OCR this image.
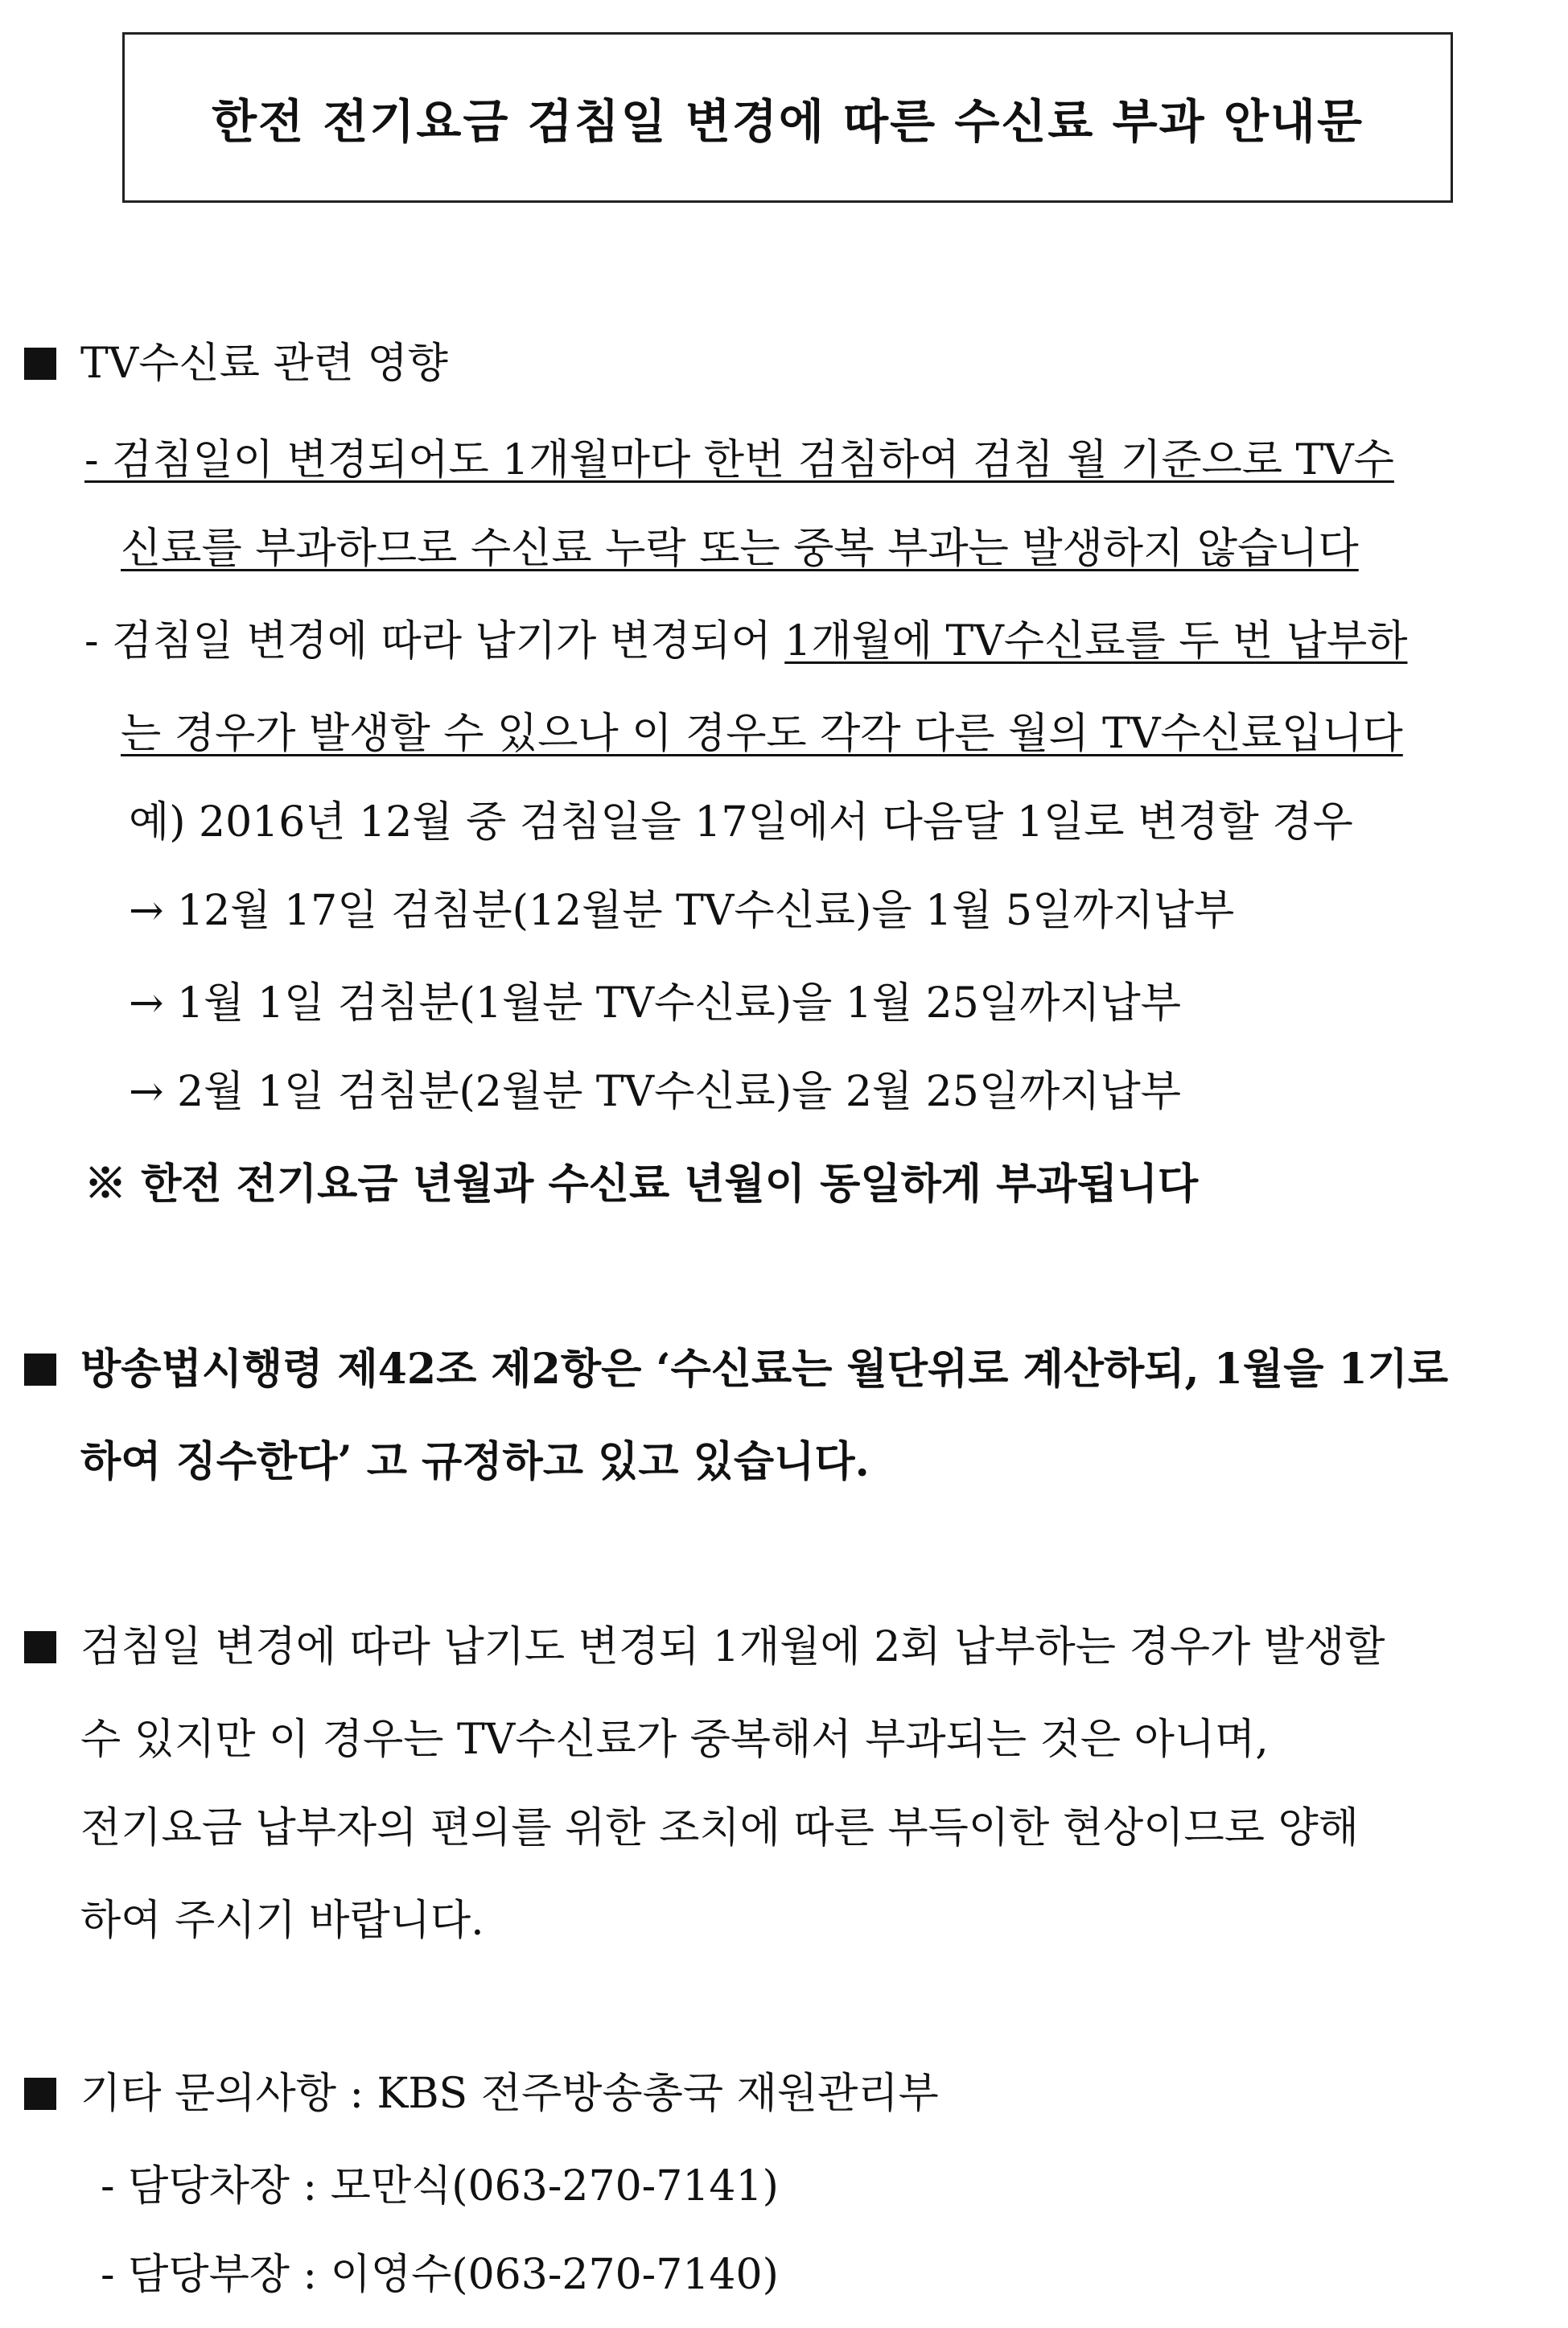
한전 전기요금 검침일 변경에 따른 수신료 부과 안내문
TV수신료 관련 영향
- 검침일이 변경되어도 1개월마다 한번 검침하여 검침 월 기준으로 TV수
신료를 부과하므로 수신료 누락 또는 중복 부과는 발생하지 않습니다
- 검침일 변경에 따라 납기가 변경되어 1개월에 TV수신료를 두 번 납부하
는 경우가 발생할 수 있으나 이 경우도 각각 다른 월의 TV수신료입니다
예) 2016년 12월 중 검침일을 17일에서 다음달 1일로 변경할 경우
→ 12월 17일 검침분(12월분 TV수신료)을 1월 5일까지납부
→ 1월 1일 검침분(1월분 TV수신료)을 1월 25일까지납부
→ 2월 1일 검침분(2월분 TV수신료)을 2월 25일까지납부
※ 한전 전기요금 년월과 수신료 년월이 동일하게 부과됩니다
방송법시행령 제42조 제2항은 ‘수신료는 월단위로 계산하되, 1월을 1기로
하여 징수한다’ 고 규정하고 있고 있습니다.
검침일 변경에 따라 납기도 변경되 1개월에 2회 납부하는 경우가 발생할
수 있지만 이 경우는 TV수신료가 중복해서 부과되는 것은 아니며,
전기요금 납부자의 편의를 위한 조치에 따른 부득이한 현상이므로 양해
하여 주시기 바랍니다.
기타 문의사항 : KBS 전주방송총국 재원관리부
- 담당차장 : 모만식(063-270-7141)
- 담당부장 : 이영수(063-270-7140)
